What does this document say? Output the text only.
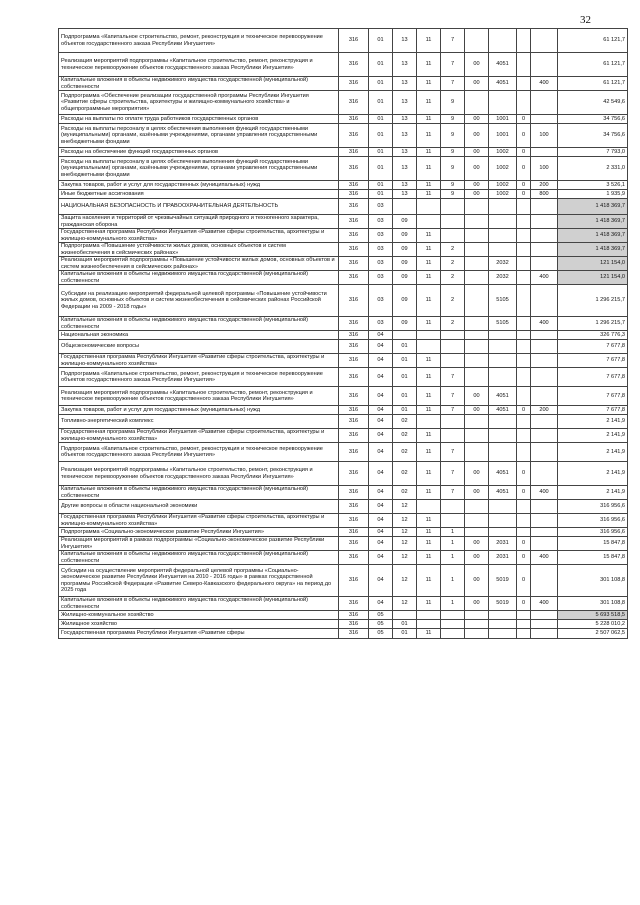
32
Подпрограмма «Капитальное строительство, ремонт, реконструкция и техническое перевооружение объектов государственного заказа Республики Ингушетия»	316	01	13	11	7					61 121,7
Реализация мероприятий подпрограммы «Капитальное строительство, ремонт, реконструкция и техническое перевооружение объектов государственного заказа Республики Ингушетия»	316	01	13	11	7	00	4051			61 121,7
Капитальные вложения в объекты недвижимого имущества государственной (муниципальной) собственности	316	01	13	11	7	00	4051		400	61 121,7
Подпрограмма «Обеспечение реализации государственной программы Республики Ингушетия «Развитие сферы строительства, архитектуры и жилищно-коммунального хозяйства» и общепрограммные мероприятия»	316	01	13	11	9					42 549,6
Расходы на выплаты по оплате труда работников государственных органов	316	01	13	11	9	00	1001	0		34 756,6
Расходы на выплаты персоналу в целях обеспечения выполнения функций государственными (муниципальными) органами, казёнными учреждениями, органами управления государственными внебюджетными фондами	316	01	13	11	9	00	1001	0	100	34 756,6
Расходы на обеспечение функций государственных органов	316	01	13	11	9	00	1002	0		7 793,0
Расходы на выплаты персоналу в целях обеспечения выполнения функций государственными (муниципальными) органами, казёнными учреждениями, органами управления государственными внебюджетными фондами	316	01	13	11	9	00	1002	0	100	2 331,0
Закупка товаров, работ и услуг для государственных (муниципальных) нужд	316	01	13	11	9	00	1002	0	200	3 526,1
Иные бюджетные ассигнования	316	01	13	11	9	00	1002	0	800	1 935,9
НАЦИОНАЛЬНАЯ БЕЗОПАСНОСТЬ И ПРАВООХРАНИТЕЛЬНАЯ ДЕЯТЕЛЬНОСТЬ	316	03								1 418 369,7
Защита населения и территорий от чрезвычайных ситуаций природного и техногенного характера, гражданская оборона	316	03	09							1 418 369,7
Государственная программа Республики Ингушетия «Развитие сферы строительства, архитектуры и жилищно-коммунального хозяйства»	316	03	09	11						1 418 369,7
Подпрограмма «Повышение устойчивости жилых домов, основных объектов и систем жизнеобеспечения в сейсмических районах»	316	03	09	11	2					1 418 369,7
Реализация мероприятий подпрограммы «Повышение устойчивости жилых домов, основных объектов и систем жизнеобеспечения в сейсмических районах»	316	03	09	11	2		2032			121 154,0
Капитальные вложения в объекты недвижимого имущества государственной (муниципальной) собственности	316	03	09	11	2		2032		400	121 154,0
Субсидии на реализацию мероприятий федеральной целевой программы «Повышение устойчивости жилых домов, основных объектов и систем жизнеобеспечения в сейсмических районах Российской Федерации на 2009 - 2018 годы»	316	03	09	11	2		5105			1 296 215,7
Капитальные вложения в объекты недвижимого имущества государственной (муниципальной) собственности	316	03	09	11	2		5105		400	1 296 215,7
Национальная экономика	316	04								326 776,3
Общеэкономические вопросы	316	04	01							7 677,8
Государственная программа Республики Ингушетия «Развитие сферы строительства, архитектуры и жилищно-коммунального хозяйства»	316	04	01	11						7 677,8
Подпрограмма «Капитальное строительство, ремонт, реконструкция и техническое перевооружение объектов государственного заказа Республики Ингушетия»	316	04	01	11	7					7 677,8
Реализация мероприятий подпрограммы «Капитальное строительство, ремонт, реконструкция и техническое перевооружение объектов государственного заказа Республики Ингушетия»	316	04	01	11	7	00	4051			7 677,8
Закупка товаров, работ и услуг для государственных (муниципальных) нужд	316	04	01	11	7	00	4051	0	200	7 677,8
Топливно-энергетический комплекс	316	04	02							2 141,9
Государственная программа Республики Ингушетия «Развитие сферы строительства, архитектуры и жилищно-коммунального хозяйства»	316	04	02	11						2 141,9
Подпрограмма «Капитальное строительство, ремонт, реконструкция и техническое перевооружение объектов государственного заказа Республики Ингушетия»	316	04	02	11	7					2 141,9
Реализация мероприятий подпрограммы «Капитальное строительство, ремонт, реконструкция и техническое перевооружение объектов государственного заказа Республики Ингушетия»	316	04	02	11	7	00	4051	0		2 141,9
Капитальные вложения в объекты недвижимого имущества государственной (муниципальной) собственности	316	04	02	11	7	00	4051	0	400	2 141,9
Другие вопросы в области национальной экономики	316	04	12							316 956,6
Государственная программа Республики Ингушетия «Развитие сферы строительства, архитектуры и жилищно-коммунального хозяйства»	316	04	12	11						316 956,6
Подпрограмма «Социально-экономическое развитие Республики Ингушетия»	316	04	12	11	1					316 956,6
Реализация мероприятий в рамках подпрограммы «Социально-экономическое развитие Республики Ингушетия»	316	04	12	11	1	00	2031	0		15 847,8
Капитальные вложения в объекты недвижимого имущества государственной (муниципальной) собственности	316	04	12	11	1	00	2031	0	400	15 847,8
Субсидии на осуществление мероприятий федеральной целевой программы «Социально-экономическое развитие Республики Ингушетия на 2010 - 2016 годы» в рамках государственной программы Российской Федерации «Развитие Северо-Кавказского федерального округа» на период до 2025 года	316	04	12	11	1	00	5019	0		301 108,8
Капитальные вложения в объекты недвижимого имущества государственной (муниципальной) собственности	316	04	12	11	1	00	5019	0	400	301 108,8
Жилищно-коммунальное хозяйство	316	05								5 693 518,5
Жилищное хозяйство	316	05	01							5 228 010,2
Государственная программа Республики Ингушетия «Развитие сферы	316	05	01	11						2 507 062,5
